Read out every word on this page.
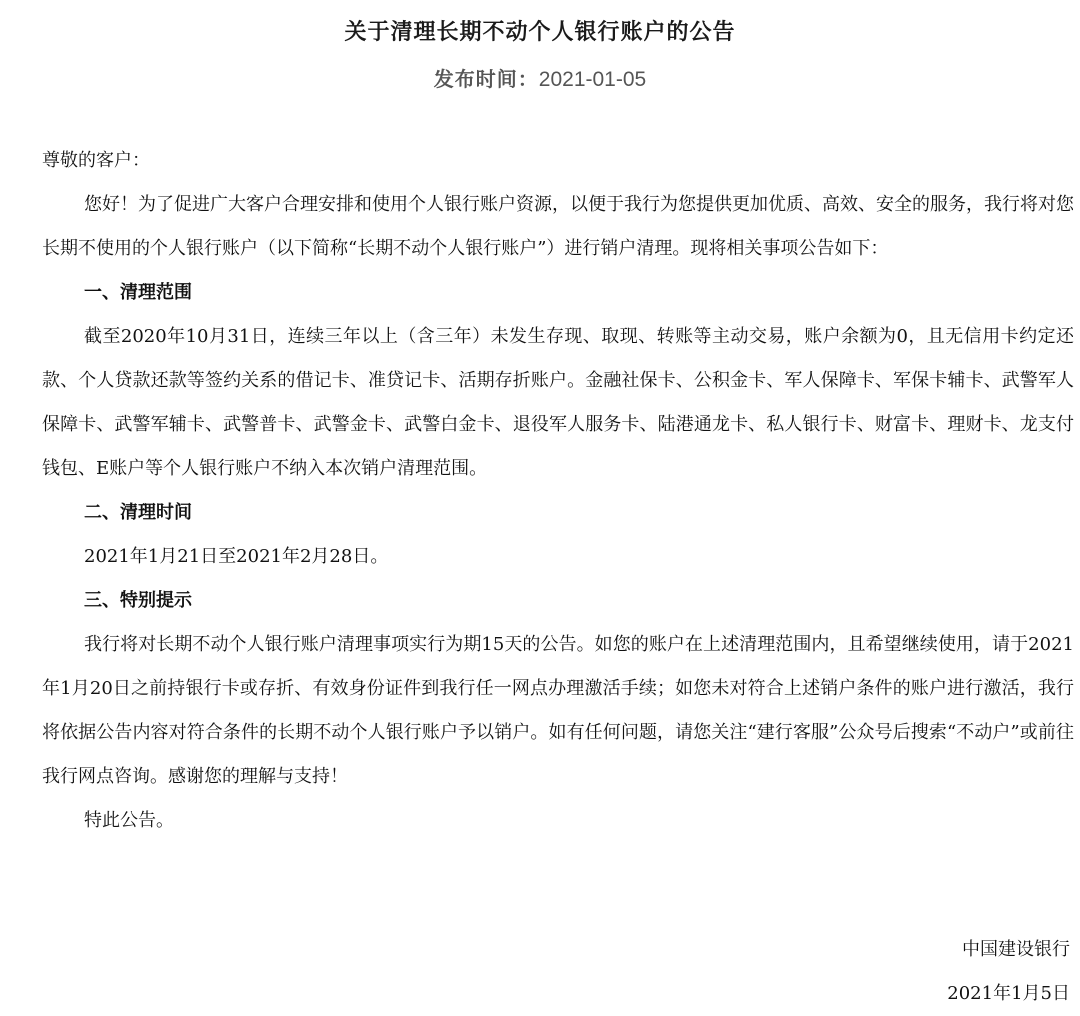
关于清理长期不动个人银行账户的公告
发布时间：2021-01-05

尊敬的客户：

您好！为了促进广大客户合理安排和使用个人银行账户资源，以便于我行为您提供更加优质、高效、安全的服务，我行将对您长期不使用的个人银行账户（以下简称“长期不动个人银行账户”）进行销户清理。现将相关事项公告如下：

一、清理范围

截至2020年10月31日，连续三年以上（含三年）未发生存现、取现、转账等主动交易，账户余额为0，且无信用卡约定还款、个人贷款还款等签约关系的借记卡、准贷记卡、活期存折账户。金融社保卡、公积金卡、军人保障卡、军保卡辅卡、武警军人保障卡、武警军辅卡、武警普卡、武警金卡、武警白金卡、退役军人服务卡、陆港通龙卡、私人银行卡、财富卡、理财卡、龙支付钱包、E账户等个人银行账户不纳入本次销户清理范围。

二、清理时间

2021年1月21日至2021年2月28日。

三、特别提示

我行将对长期不动个人银行账户清理事项实行为期15天的公告。如您的账户在上述清理范围内，且希望继续使用，请于2021年1月20日之前持银行卡或存折、有效身份证件到我行任一网点办理激活手续；如您未对符合上述销户条件的账户进行激活，我行将依据公告内容对符合条件的长期不动个人银行账户予以销户。如有任何问题，请您关注“建行客服”公众号后搜索“不动户”或前往我行网点咨询。感谢您的理解与支持！

特此公告。

中国建设银行
2021年1月5日
